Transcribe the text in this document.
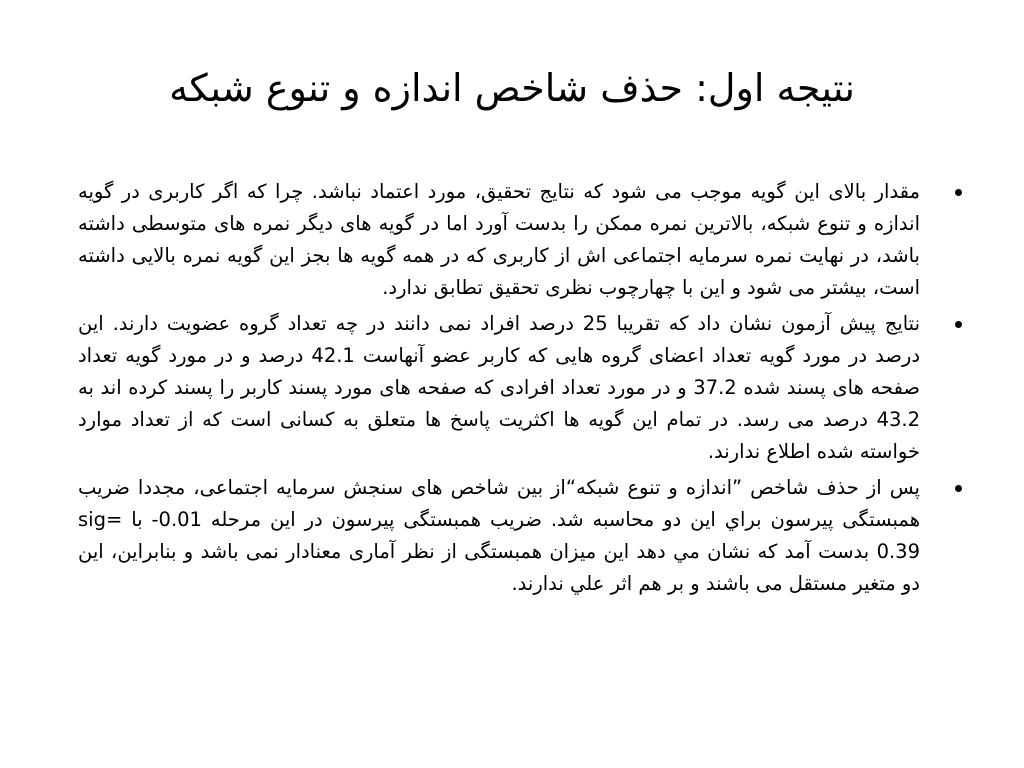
نتیجه اول: حذف شاخص اندازه و تنوع شبکه
مقدار بالای این گویه موجب می شود که نتایج تحقیق، مورد اعتماد نباشد. چرا که اگر کاربری در گویه اندازه و تنوع شبکه، بالاترین نمره ممکن را بدست آورد اما در گویه های دیگر نمره های متوسطی داشته باشد، در نهایت نمره سرمایه اجتماعی اش از کاربری که در همه گویه ها بجز این گویه نمره بالایی داشته است، بیشتر می شود و این با چهارچوب نظری تحقیق تطابق ندارد.
نتایج پیش آزمون نشان داد که تقریبا 25 درصد افراد نمی دانند در چه تعداد گروه عضویت دارند. این درصد در مورد گویه تعداد اعضای گروه هایی که کاربر عضو آنهاست 42.1 درصد و در مورد گویه تعداد صفحه های پسند شده 37.2 و در مورد تعداد افرادی که صفحه های مورد پسند کاربر را پسند کرده اند به 43.2 درصد می رسد. در تمام این گویه ها اکثریت پاسخ ها متعلق به کسانی است که از تعداد موارد خواسته شده اطلاع ندارند.
پس از حذف شاخص ”اندازه و تنوع شبکه“از بین شاخص های سنجش سرمایه اجتماعی، مجددا ضریب همبستگی پیرسون براي این دو محاسبه شد. ضریب همبستگی پیرسون در این مرحله 0.01- با sig= 0.39 بدست آمد که نشان مي دهد این میزان همبستگی از نظر آماری معنادار نمی باشد و بنابراین، این دو متغیر مستقل می باشند و بر هم اثر علي ندارند.
